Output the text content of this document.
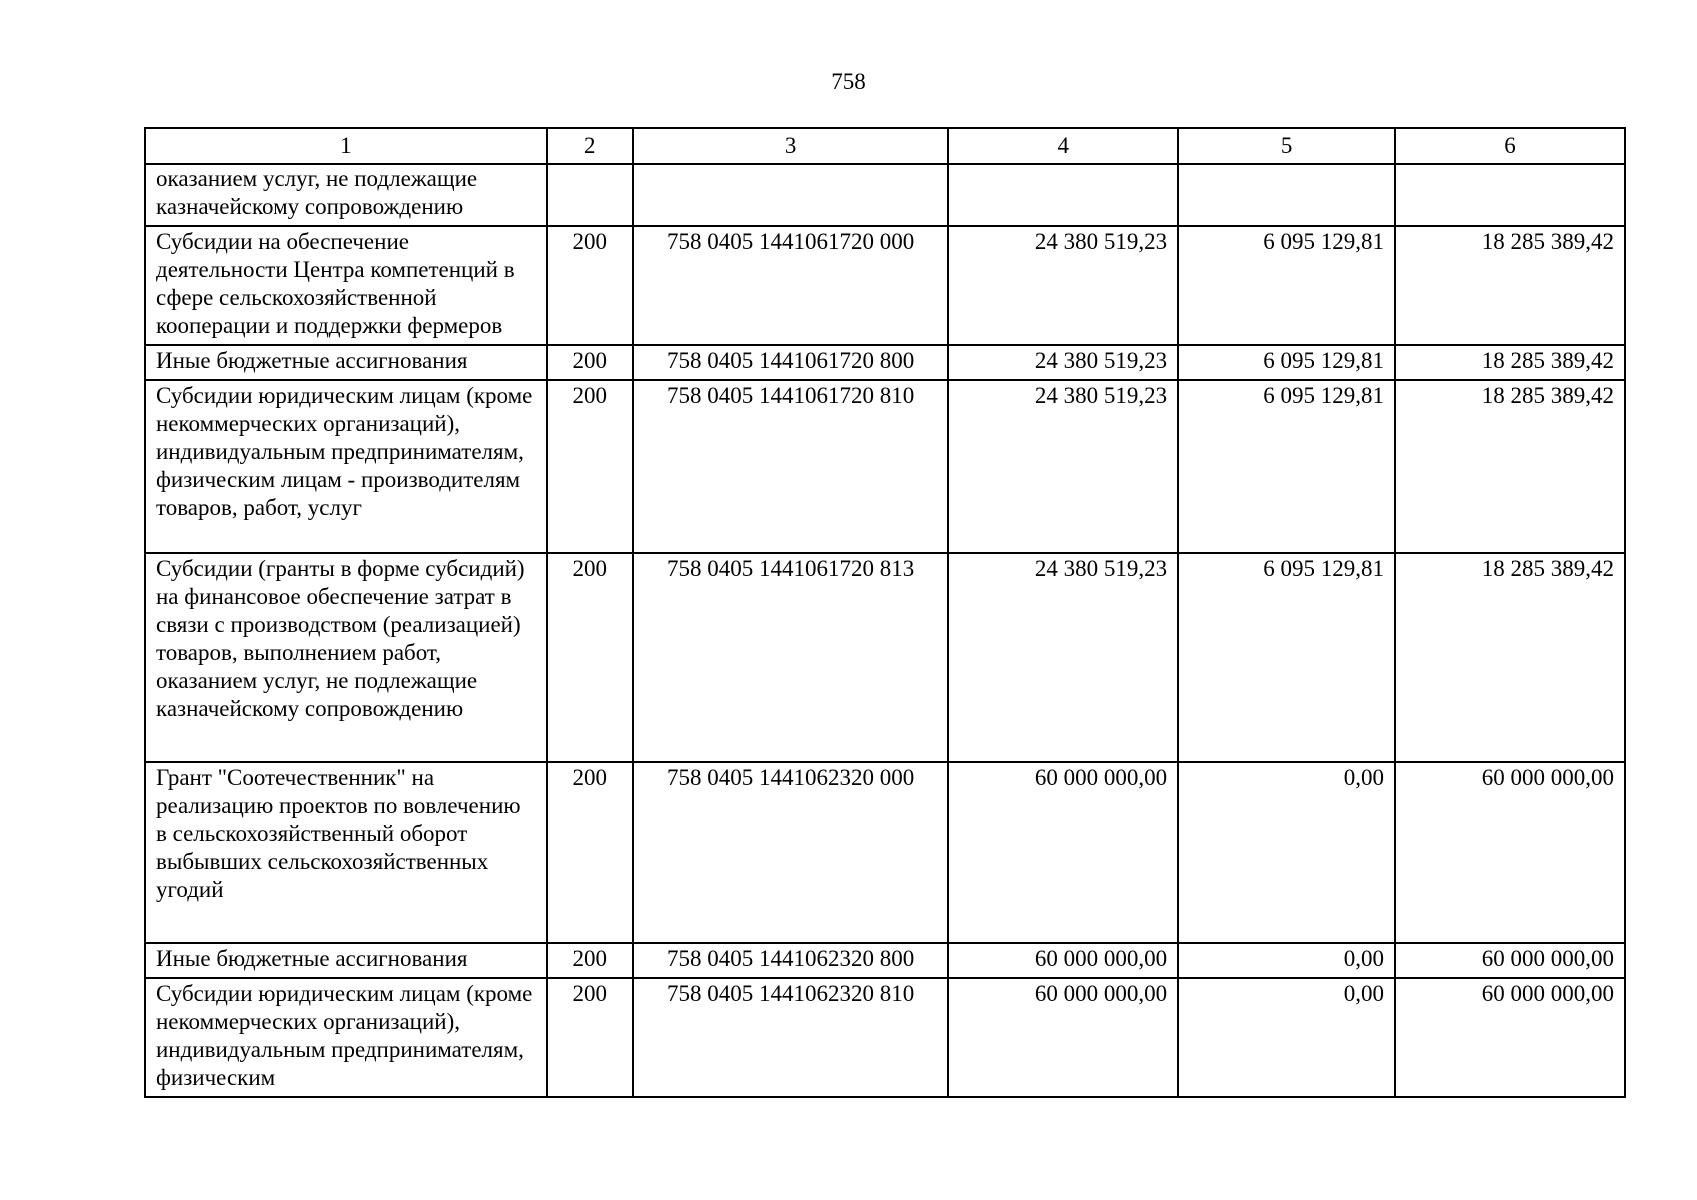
758
1	2	3	4	5	6
оказанием услуг, не подлежащие казначейскому сопровождению					
Субсидии на обеспечение деятельности Центра компетенций в сфере сельскохозяйственной кооперации и поддержки фермеров	200	758 0405 1441061720 000	24 380 519,23	6 095 129,81	18 285 389,42
Иные бюджетные ассигнования	200	758 0405 1441061720 800	24 380 519,23	6 095 129,81	18 285 389,42
Субсидии юридическим лицам (кроме некоммерческих организаций), индивидуальным предпринимателям, физическим лицам - производителям товаров, работ, услуг	200	758 0405 1441061720 810	24 380 519,23	6 095 129,81	18 285 389,42
Субсидии (гранты в форме субсидий) на финансовое обеспечение затрат в связи с производством (реализацией) товаров, выполнением работ, оказанием услуг, не подлежащие казначейскому сопровождению	200	758 0405 1441061720 813	24 380 519,23	6 095 129,81	18 285 389,42
Грант "Соотечественник" на реализацию проектов по вовлечению в сельскохозяйственный оборот выбывших сельскохозяйственных угодий	200	758 0405 1441062320 000	60 000 000,00	0,00	60 000 000,00
Иные бюджетные ассигнования	200	758 0405 1441062320 800	60 000 000,00	0,00	60 000 000,00
Субсидии юридическим лицам (кроме некоммерческих организаций), индивидуальным предпринимателям, физическим	200	758 0405 1441062320 810	60 000 000,00	0,00	60 000 000,00
